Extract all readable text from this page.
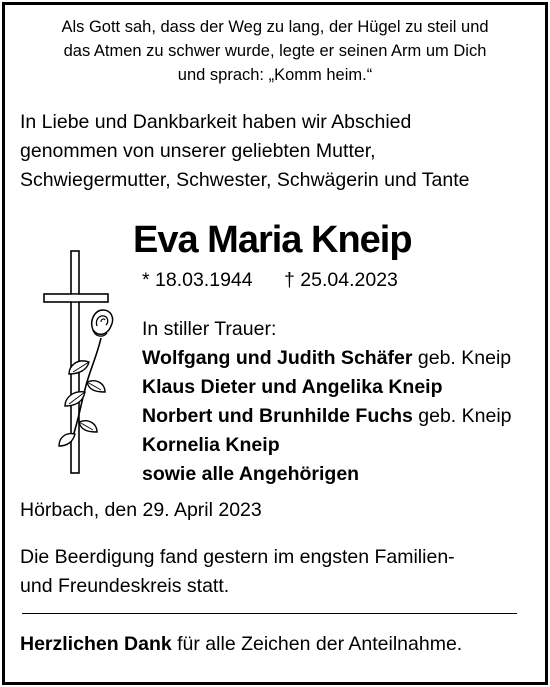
Als Gott sah, dass der Weg zu lang, der Hügel zu steil und
das Atmen zu schwer wurde, legte er seinen Arm um Dich
und sprach: „Komm heim.“
In Liebe und Dankbarkeit haben wir Abschied
genommen von unserer geliebten Mutter,
Schwiegermutter, Schwester, Schwägerin und Tante
Eva Maria Kneip
* 18.03.1944 † 25.04.2023
In stiller Trauer:
Wolfgang und Judith Schäfer geb. Kneip
Klaus Dieter und Angelika Kneip
Norbert und Brunhilde Fuchs geb. Kneip
Kornelia Kneip
sowie alle Angehörigen
Hörbach, den 29. April 2023
Die Beerdigung fand gestern im engsten Familien-
und Freundeskreis statt.
Herzlichen Dank für alle Zeichen der Anteilnahme.
